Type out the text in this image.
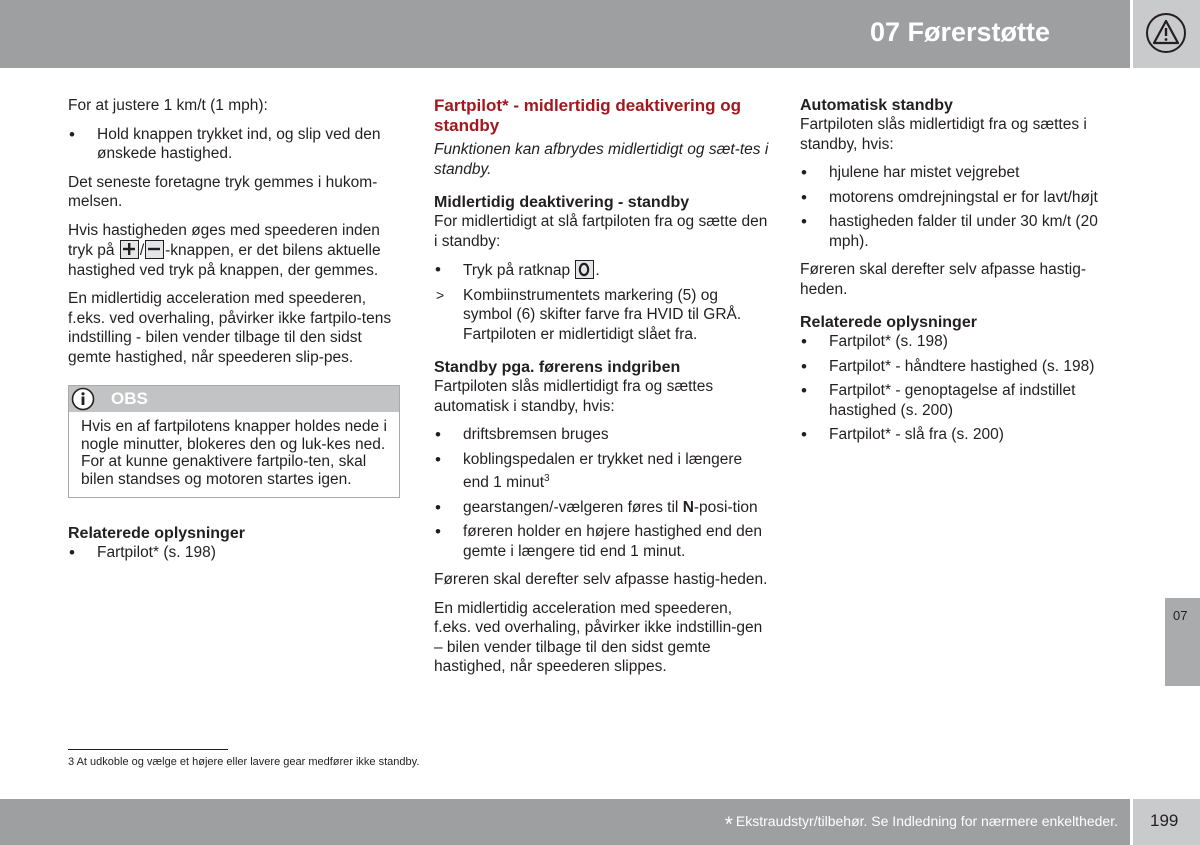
07 Førerstøtte

For at justere 1 km/t (1 mph):

• Hold knappen trykket ind, og slip ved den ønskede hastighed.

Det seneste foretagne tryk gemmes i hukom-melsen.

Hvis hastigheden øges med speederen inden tryk på
/ -knappen, er det bilens aktuelle hastighed ved tryk på knappen, der gemmes.

En midlertidig acceleration med speederen, f.eks. ved overhaling, påvirker ikke fartpilo-tens indstilling - bilen vender tilbage til den sidst gemte hastighed, når speederen slip-pes.

OBS
Hvis en af fartpilotens knapper holdes nede i nogle minutter, blokeres den og luk-kes ned. For at kunne genaktivere fartpilo-ten, skal bilen standses og motoren startes igen.
Relaterede oplysninger
• Fartpilot* (s. 198)
Fartpilot* - midlertidig deaktivering og standby

Funktionen kan afbrydes midlertidigt og sæt-tes i standby.

Midlertidig deaktivering - standby

For midlertidigt at slå fartpiloten fra og sætte den i standby:

• Tryk på ratknap
.
> Kombiinstrumentets markering (5) og symbol (6) skifter farve fra HVID til GRÅ. Fartpiloten er midlertidigt slået fra.
Standby pga. førerens indgriben

Fartpiloten slås midlertidigt fra og sættes automatisk i standby, hvis:

• driftsbremsen bruges
• koblingspedalen er trykket ned i længere end 1 minut$^3$
• gearstangen/-vælgeren føres til N-posi-tion
• føreren holder en højere hastighed end den gemte i længere tid end 1 minut.

Føreren skal derefter selv afpasse hastig-heden.

En midlertidig acceleration med speederen, f.eks. ved overhaling, påvirker ikke indstillin-gen – bilen vender tilbage til den sidst gemte hastighed, når speederen slippes.

Automatisk standby

Fartpiloten slås midlertidigt fra og sættes i standby, hvis:

• hjulene har mistet vejgrebet
• motorens omdrejningstal er for lavt/højt
• hastigheden falder til under 30 km/t (20 mph).

Føreren skal derefter selv afpasse hastig-heden.

Relaterede oplysninger
• Fartpilot* (s. 198)
• Fartpilot* - håndtere hastighed (s. 198)
• Fartpilot* - genoptagelse af indstillet hastighed (s. 200)
• Fartpilot* - slå fra (s. 200)
07
3 At udkoble og vælge et højere eller lavere gear medfører ikke standby.
* Ekstraudstyr/tilbehør. Se Indledning for nærmere enkeltheder. 199
